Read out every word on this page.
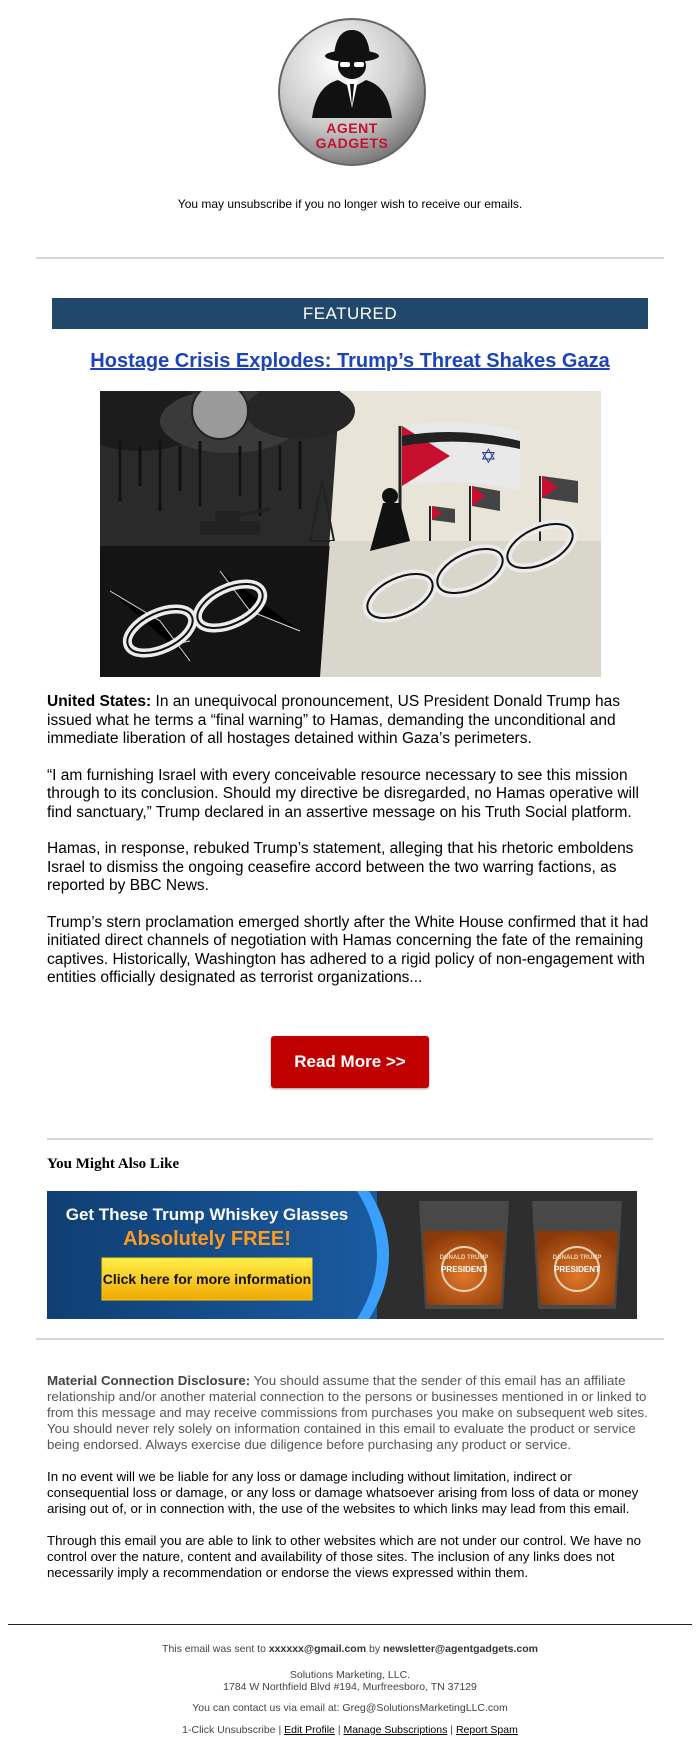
AGENT
GADGETS
You may unsubscribe if you no longer wish to receive our emails.
FEATURED
Hostage Crisis Explodes: Trump’s Threat Shakes Gaza
✡

United States: In an unequivocal pronouncement, US President Donald Trump has issued what he terms a “final warning” to Hamas, demanding the unconditional and immediate liberation of all hostages detained within Gaza’s perimeters.

“I am furnishing Israel with every conceivable resource necessary to see this mission through to its conclusion. Should my directive be disregarded, no Hamas operative will find sanctuary,” Trump declared in an assertive message on his Truth Social platform.

Hamas, in response, rebuked Trump’s statement, alleging that his rhetoric emboldens Israel to dismiss the ongoing ceasefire accord between the two warring factions, as reported by BBC News.

Trump’s stern proclamation emerged shortly after the White House confirmed that it had initiated direct channels of negotiation with Hamas concerning the fate of the remaining captives. Historically, Washington has adhered to a rigid policy of non-engagement with entities officially designated as terrorist organizations...

Read More >>
You Might Also Like
Get These Trump Whiskey Glasses
Absolutely FREE!
Click here for more information
DONALD TRUMP
PRESIDENT
DONALD TRUMP
PRESIDENT

Material Connection Disclosure: You should assume that the sender of this email has an affiliate relationship and/or another material connection to the persons or businesses mentioned in or linked to from this message and may receive commissions from purchases you make on subsequent web sites. You should never rely solely on information contained in this email to evaluate the product or service being endorsed. Always exercise due diligence before purchasing any product or service.

In no event will we be liable for any loss or damage including without limitation, indirect or consequential loss or damage, or any loss or damage whatsoever arising from loss of data or money arising out of, or in connection with, the use of the websites to which links may lead from this email.

Through this email you are able to link to other websites which are not under our control. We have no control over the nature, content and availability of those sites. The inclusion of any links does not necessarily imply a recommendation or endorse the views expressed within them.

This email was sent to xxxxxx@gmail.com by newsletter@agentgadgets.com
Solutions Marketing, LLC.
1784 W Northfield Blvd #194, Murfreesboro, TN 37129
You can contact us via email at: Greg@SolutionsMarketingLLC.com
1-Click Unsubscribe | Edit Profile | Manage Subscriptions | Report Spam
